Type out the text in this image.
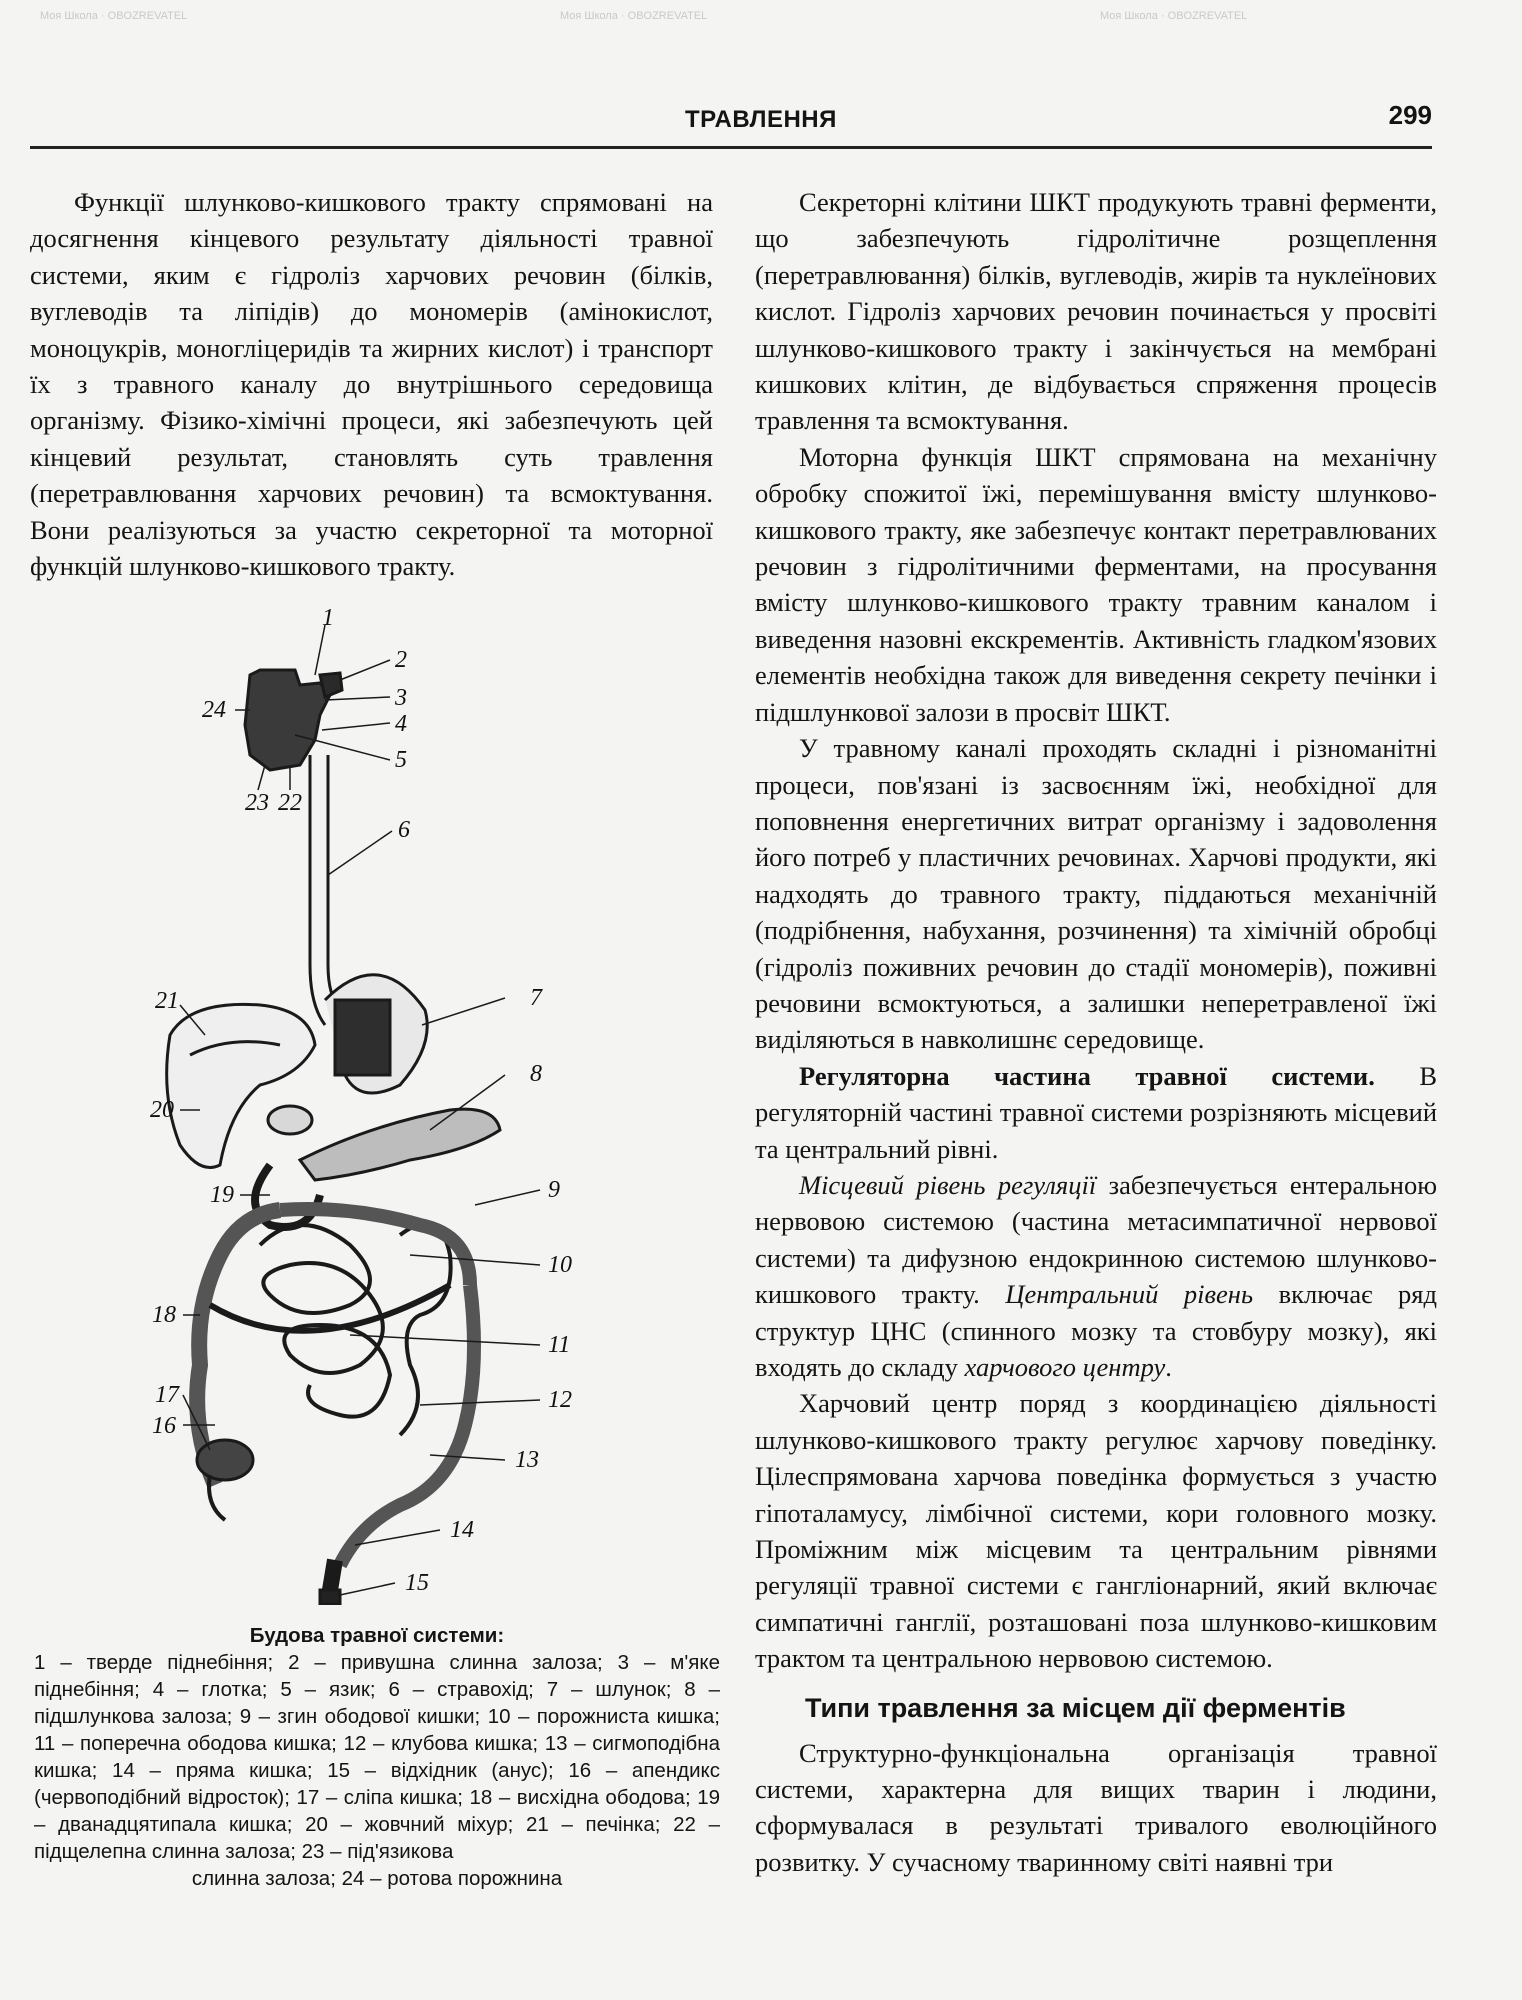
ТРАВЛЕННЯ	299

Функції шлунково-кишкового тракту спрямовані на досягнення кінцевого результату діяльності травної системи, яким є гідроліз харчових речовин (білків, вуглеводів та ліпідів) до мономерів (амінокислот, моноцукрів, моногліцеридів та жирних кислот) і транспорт їх з травного каналу до внутрішнього середовища організму. Фізико-хімічні процеси, які забезпечують цей кінцевий результат, становлять суть травлення (перетравлювання харчових речовин) та всмоктування. Вони реалізуються за участю секреторної та моторної функцій шлунково-кишкового тракту.

1
2
3
4
5
6
7
8
9
10
11
12
13
14
15
16
17
18
19
20
21
22
23
24
Будова травної системи:
1 – тверде піднебіння; 2 – привушна слинна залоза; 3 – м'яке піднебіння; 4 – глотка; 5 – язик; 6 – стравохід; 7 – шлунок; 8 – підшлункова залоза; 9 – згин ободової кишки; 10 – порожниста кишка; 11 – поперечна ободова кишка; 12 – клубова кишка; 13 – сигмоподібна кишка; 14 – пряма кишка; 15 – відхідник (анус); 16 – апендикс (червоподібний відросток); 17 – сліпа кишка; 18 – висхідна ободова; 19 – дванадцятипала кишка; 20 – жовчний міхур; 21 – печінка; 22 – підщелепна слинна залоза; 23 – під'язикова
слинна залоза; 24 – ротова порожнина

Секреторні клітини ШКТ продукують травні ферменти, що забезпечують гідролітичне розщеплення (перетравлювання) білків, вуглеводів, жирів та нуклеїнових кислот. Гідроліз харчових речовин починається у просвіті шлунково-кишкового тракту і закінчується на мембрані кишкових клітин, де відбувається спряження процесів травлення та всмоктування.

Моторна функція ШКТ спрямована на механічну обробку спожитої їжі, перемішування вмісту шлунково-кишкового тракту, яке забезпечує контакт перетравлюваних речовин з гідролітичними ферментами, на просування вмісту шлунково-кишкового тракту травним каналом і виведення назовні екскрементів. Активність гладком'язових елементів необхідна також для виведення секрету печінки і підшлункової залози в просвіт ШКТ.

У травному каналі проходять складні і різноманітні процеси, пов'язані із засвоєнням їжі, необхідної для поповнення енергетичних витрат організму і задоволення його потреб у пластичних речовинах. Харчові продукти, які надходять до травного тракту, піддаються механічній (подрібнення, набухання, розчинення) та хімічній обробці (гідроліз поживних речовин до стадії мономерів), поживні речовини всмоктуються, а залишки неперетравленої їжі виділяються в навколишнє середовище.

Регуляторна частина травної системи. В регуляторній частині травної системи розрізняють місцевий та центральний рівні.

Місцевий рівень регуляції забезпечується ентеральною нервовою системою (частина метасимпатичної нервової системи) та дифузною ендокринною системою шлунково-кишкового тракту. Центральний рівень включає ряд структур ЦНС (спинного мозку та стовбуру мозку), які входять до складу харчового центру.

Харчовий центр поряд з координацією діяльності шлунково-кишкового тракту регулює харчову поведінку. Цілеспрямована харчова поведінка формується з участю гіпоталамусу, лімбічної системи, кори головного мозку. Проміжним між місцевим та центральним рівнями регуляції травної системи є гангліонарний, який включає симпатичні ганглії, розташовані поза шлунково-кишковим трактом та центральною нервовою системою.

Типи травлення за місцем дії ферментів

Структурно-функціональна організація травної системи, характерна для вищих тварин і людини, сформувалася в результаті тривалого еволюційного розвитку. У сучасному тваринному світі наявні три

Моя Школа · OBOZREVATEL	Моя Школа · OBOZREVATEL	Моя Школа · OBOZREVATEL
